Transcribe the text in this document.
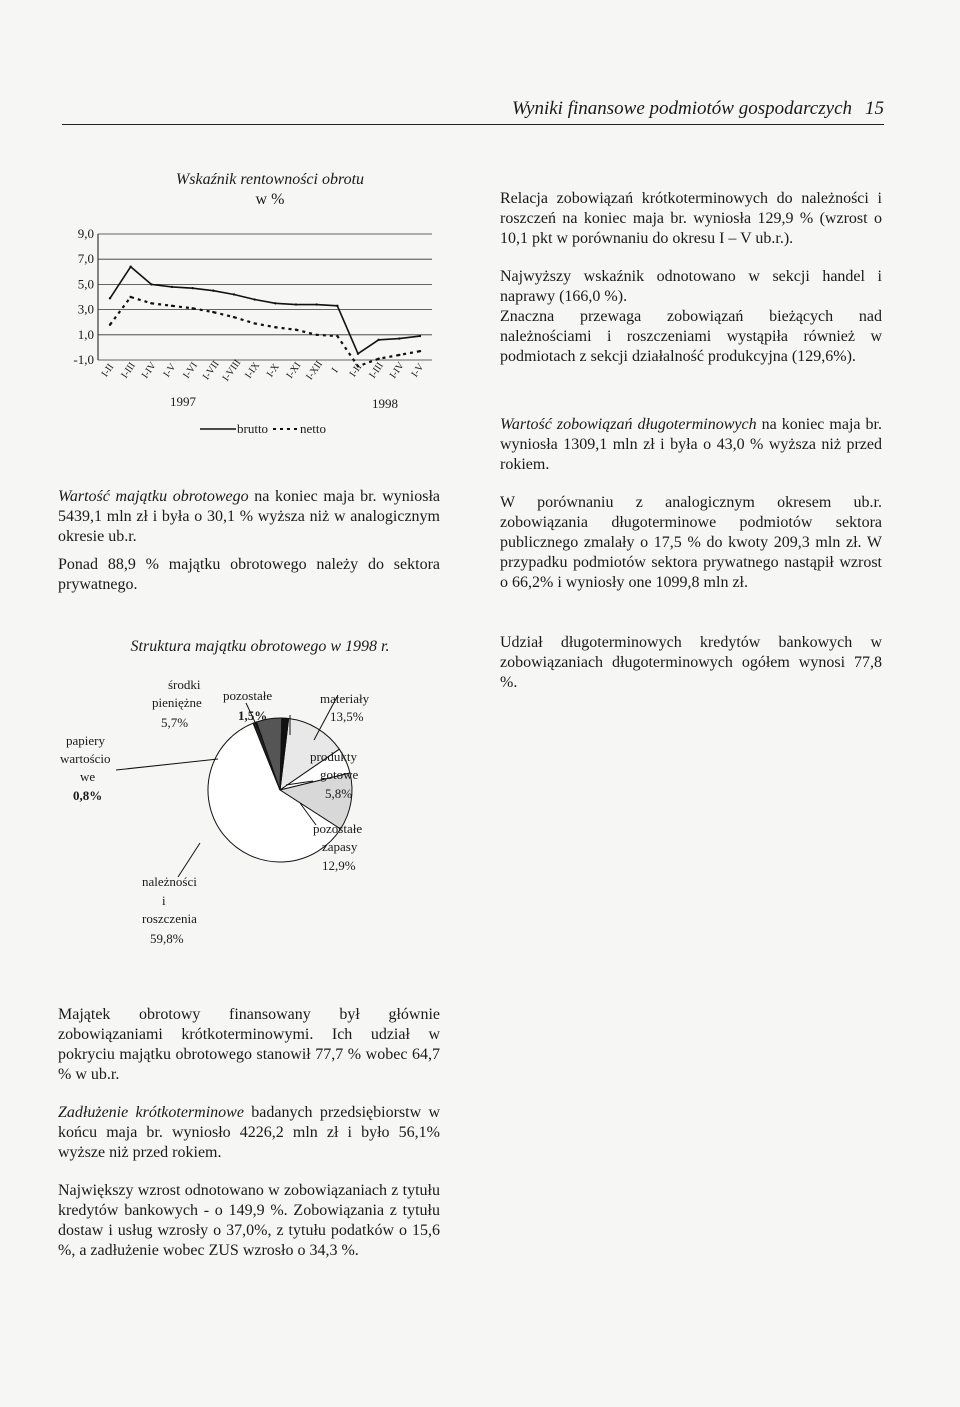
Wyniki finansowe podmiotów gospodarczych 15
Wskaźnik rentowności obrotu
w %
9,0
7,0
5,0
3,0
1,0
-1,0
I-II I-III I-IV I-V I-VI I-VII
I-VIII I-IX I-X I-XI I-XII I I-II I-III I-IV I-V
1997	1998
brutto netto

Wartość majątku obrotowego na koniec maja br. wyniosła 5439,1 mln zł i była o 30,1 % wyższa niż w analogicznym okresie ub.r.

Ponad 88,9 % majątku obrotowego należy do sektora prywatnego.

Struktura majątku obrotowego w 1998 r.
środki
pieniężne
5,7%
pozostałe
1,5%
materiały
13,5%
papiery
wartościo
we
0,8%
produkty
gotowe
5,8%
pozostałe
zapasy
12,9%
należności
i
roszczenia
59,8%

Majątek obrotowy finansowany był głównie zobowiązaniami krótkoterminowymi. Ich udział w pokryciu majątku obrotowego stanowił 77,7 % wobec 64,7 % w ub.r.

Zadłużenie krótkoterminowe badanych przedsiębiorstw w końcu maja br. wyniosło 4226,2 mln zł i było 56,1% wyższe niż przed rokiem.

Największy wzrost odnotowano w zobowiązaniach z tytułu kredytów bankowych - o 149,9 %. Zobowiązania z tytułu dostaw i usług wzrosły o 37,0%, z tytułu podatków o 15,6 %, a zadłużenie wobec ZUS wzrosło o 34,3 %.

Relacja zobowiązań krótkoterminowych do należności i roszczeń na koniec maja br. wyniosła 129,9 % (wzrost o 10,1 pkt w porównaniu do okresu I – V ub.r.).

Najwyższy wskaźnik odnotowano w sekcji handel i naprawy (166,0 %).

Znaczna przewaga zobowiązań bieżących nad należnościami i roszczeniami wystąpiła również w podmiotach z sekcji działalność produkcyjna (129,6%).

Wartość zobowiązań długoterminowych na koniec maja br. wyniosła 1309,1 mln zł i była o 43,0 % wyższa niż przed rokiem.

W porównaniu z analogicznym okresem ub.r. zobowiązania długoterminowe podmiotów sektora publicznego zmalały o 17,5 % do kwoty 209,3 mln zł. W przypadku podmiotów sektora prywatnego nastąpił wzrost o 66,2% i wyniosły one 1099,8 mln zł.

Udział długoterminowych kredytów bankowych w zobowiązaniach długoterminowych ogółem wynosi 77,8 %.
